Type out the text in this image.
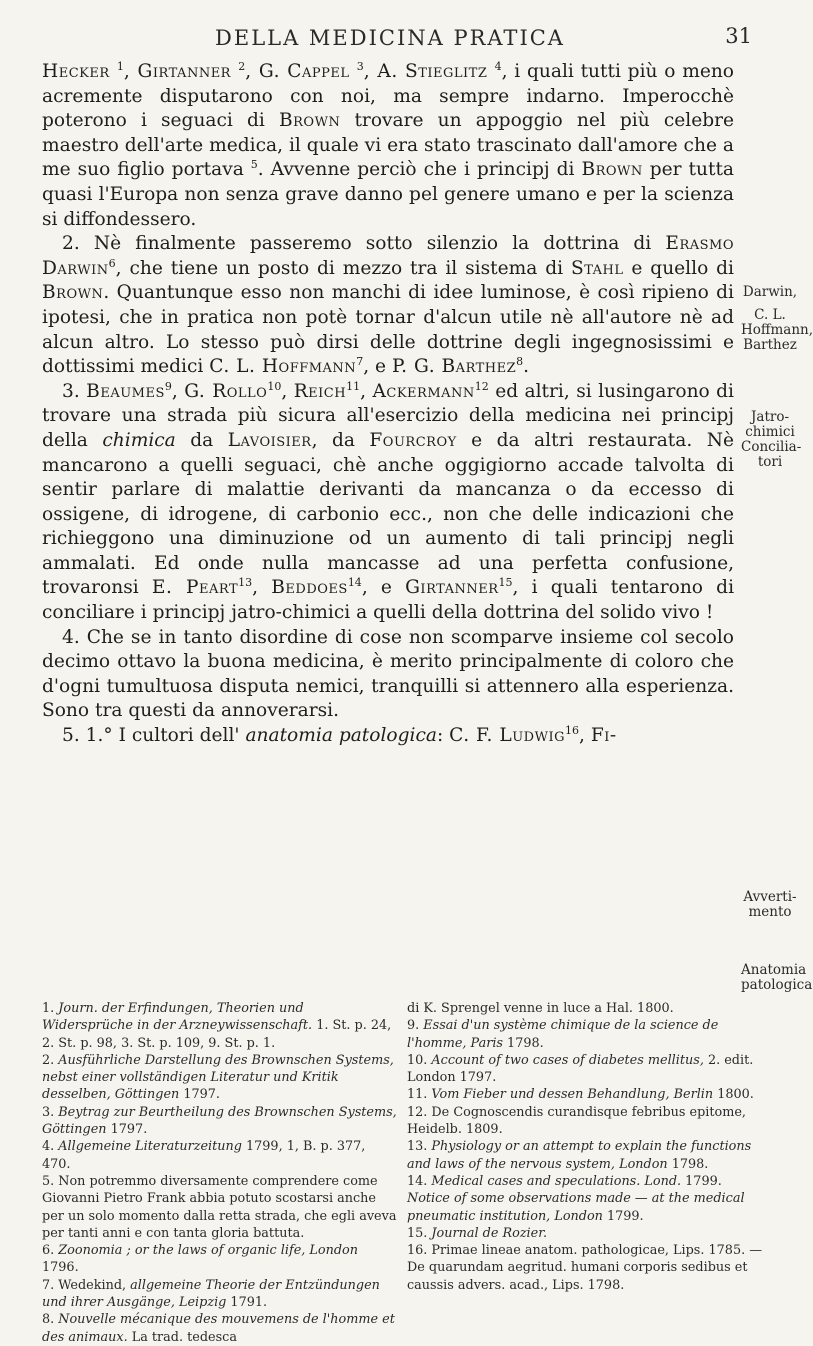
DELLA MEDICINA PRATICA	31

Hecker $^1$, Girtanner $^2$, G. Cappel $^3$, A. Stieglitz $^4$, i quali tutti più o meno acremente disputarono con noi, ma sempre indarno. Imperocchè poterono i seguaci di Brown trovare un appoggio nel più celebre maestro dell'arte medica, il quale vi era stato trascinato dall'amore che a me suo figlio portava $^5$. Avvenne perciò che i principj di Brown per tutta quasi l'Europa non senza grave danno pel genere umano e per la scienza si diffondessero.

2. Nè finalmente passeremo sotto silenzio la dottrina di Erasmo Darwin$^6$, che tiene un posto di mezzo tra il sistema di Stahl e quello di Brown. Quantunque esso non manchi di idee luminose, è così ripieno di ipotesi, che in pratica non potè tornar d'alcun utile nè all'autore nè ad alcun altro. Lo stesso può dirsi delle dottrine degli ingegnosissimi e dottissimi medici C. L. Hoffmann$^7$, e P. G. Barthez$^8$.

3. Beaumes$^9$, G. Rollo$^{10}$, Reich$^{11}$, Ackermann$^{12}$ ed altri, si lusingarono di trovare una strada più sicura all'esercizio della medicina nei principj della chimica da Lavoisier, da Fourcroy e da altri restaurata. Nè mancarono a quelli seguaci, chè anche oggigiorno accade talvolta di sentir parlare di malattie derivanti da mancanza o da eccesso di ossigene, di idrogene, di carbonio ecc., non che delle indicazioni che richieggono una diminuzione od un aumento di tali principj negli ammalati. Ed onde nulla mancasse ad una perfetta confusione, trovaronsi E. Peart$^{13}$, Beddoes$^{14}$, e Girtanner$^{15}$, i quali tentarono di conciliare i principj jatro-chimici a quelli della dottrina del solido vivo !

4. Che se in tanto disordine di cose non scomparve insieme col secolo decimo ottavo la buona medicina, è merito principalmente di coloro che d'ogni tumultuosa disputa nemici, tranquilli si attennero alla esperienza. Sono tra questi da annoverarsi.

5. 1.° I cultori dell' anatomia patologica: C. F. Ludwig$^{16}$, Fi-

Darwin,
C. L.
Hoffmann,
Barthez
Jatro-
chimici
Concilia-
tori
Avverti-
mento
Anatomia
patologica
1. Journ. der Erfindungen, Theorien und Widersprüche in der Arzneywissenschaft. 1. St. p. 24, 2. St. p. 98, 3. St. p. 109, 9. St. p. 1.
2. Ausführliche Darstellung des Brownschen Systems, nebst einer vollständigen Literatur und Kritik desselben, Göttingen 1797.
3. Beytrag zur Beurtheilung des Brownschen Systems, Göttingen 1797.
4. Allgemeine Literaturzeitung 1799, 1, B. p. 377, 470.
5. Non potremmo diversamente comprendere come Giovanni Pietro Frank abbia potuto scostarsi anche per un solo momento dalla retta strada, che egli aveva per tanti anni e con tanta gloria battuta.
6. Zoonomia ; or the laws of organic life, London 1796.
7. Wedekind, allgemeine Theorie der Entzündungen und ihrer Ausgänge, Leipzig 1791.
8. Nouvelle mécanique des mouvemens de l'homme et des animaux. La trad. tedesca
di K. Sprengel venne in luce a Hal. 1800.
9. Essai d'un système chimique de la science de l'homme, Paris 1798.
10. Account of two cases of diabetes mellitus, 2. edit. London 1797.
11. Vom Fieber und dessen Behandlung, Berlin 1800.
12. De Cognoscendis curandisque febribus epitome, Heidelb. 1809.
13. Physiology or an attempt to explain the functions and laws of the nervous system, London 1798.
14. Medical cases and speculations. Lond. 1799. Notice of some observations made — at the medical pneumatic institution, London 1799.
15. Journal de Rozier.
16. Primae lineae anatom. pathologicae, Lips. 1785. — De quarundam aegritud. humani corporis sedibus et caussis advers. acad., Lips. 1798.
